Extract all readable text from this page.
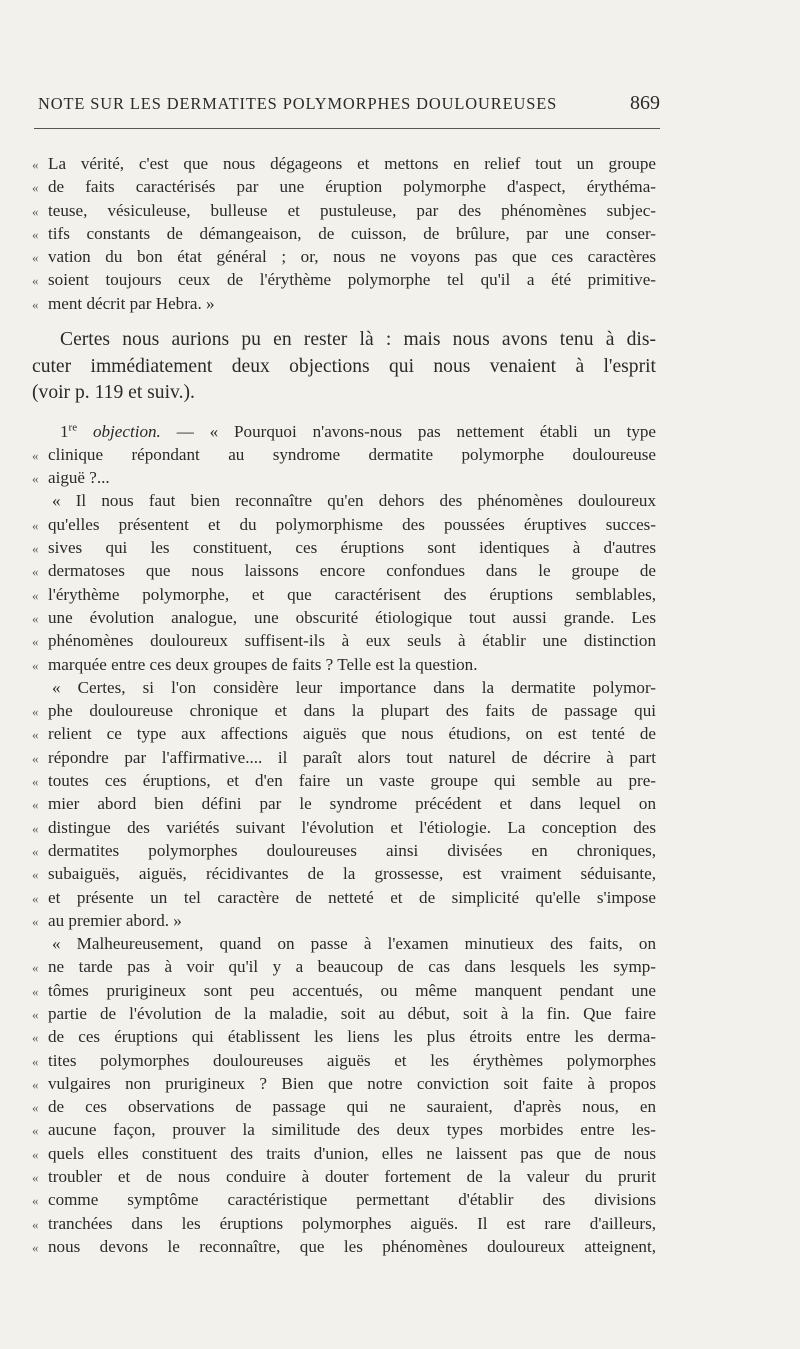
NOTE SUR LES DERMATITES POLYMORPHES DOULOUREUSES	869
« La vérité, c'est que nous dégageons et mettons en relief tout un groupe
« de faits caractérisés par une éruption polymorphe d'aspect, érythéma-
« teuse, vésiculeuse, bulleuse et pustuleuse, par des phénomènes subjec-
« tifs constants de démangeaison, de cuisson, de brûlure, par une conser-
« vation du bon état général ; or, nous ne voyons pas que ces caractères
« soient toujours ceux de l'érythème polymorphe tel qu'il a été primitive-
« ment décrit par Hebra. »
Certes nous aurions pu en rester là : mais nous avons tenu à dis-
cuter immédiatement deux objections qui nous venaient à l'esprit
(voir p. 119 et suiv.).
1re objection. — « Pourquoi n'avons-nous pas nettement établi un type
« clinique répondant au syndrome dermatite polymorphe douloureuse
« aiguë ?...
« Il nous faut bien reconnaître qu'en dehors des phénomènes douloureux
« qu'elles présentent et du polymorphisme des poussées éruptives succes-
« sives qui les constituent, ces éruptions sont identiques à d'autres
« dermatoses que nous laissons encore confondues dans le groupe de
« l'érythème polymorphe, et que caractérisent des éruptions semblables,
« une évolution analogue, une obscurité étiologique tout aussi grande. Les
« phénomènes douloureux suffisent-ils à eux seuls à établir une distinction
« marquée entre ces deux groupes de faits ? Telle est la question.
« Certes, si l'on considère leur importance dans la dermatite polymor-
« phe douloureuse chronique et dans la plupart des faits de passage qui
« relient ce type aux affections aiguës que nous étudions, on est tenté de
« répondre par l'affirmative.... il paraît alors tout naturel de décrire à part
« toutes ces éruptions, et d'en faire un vaste groupe qui semble au pre-
« mier abord bien défini par le syndrome précédent et dans lequel on
« distingue des variétés suivant l'évolution et l'étiologie. La conception des
« dermatites polymorphes douloureuses ainsi divisées en chroniques,
« subaiguës, aiguës, récidivantes de la grossesse, est vraiment séduisante,
« et présente un tel caractère de netteté et de simplicité qu'elle s'impose
« au premier abord. »
« Malheureusement, quand on passe à l'examen minutieux des faits, on
« ne tarde pas à voir qu'il y a beaucoup de cas dans lesquels les symp-
« tômes prurigineux sont peu accentués, ou même manquent pendant une
« partie de l'évolution de la maladie, soit au début, soit à la fin. Que faire
« de ces éruptions qui établissent les liens les plus étroits entre les derma-
« tites polymorphes douloureuses aiguës et les érythèmes polymorphes
« vulgaires non prurigineux ? Bien que notre conviction soit faite à propos
« de ces observations de passage qui ne sauraient, d'après nous, en
« aucune façon, prouver la similitude des deux types morbides entre les-
« quels elles constituent des traits d'union, elles ne laissent pas que de nous
« troubler et de nous conduire à douter fortement de la valeur du prurit
« comme symptôme caractéristique permettant d'établir des divisions
« tranchées dans les éruptions polymorphes aiguës. Il est rare d'ailleurs,
« nous devons le reconnaître, que les phénomènes douloureux atteignent,
